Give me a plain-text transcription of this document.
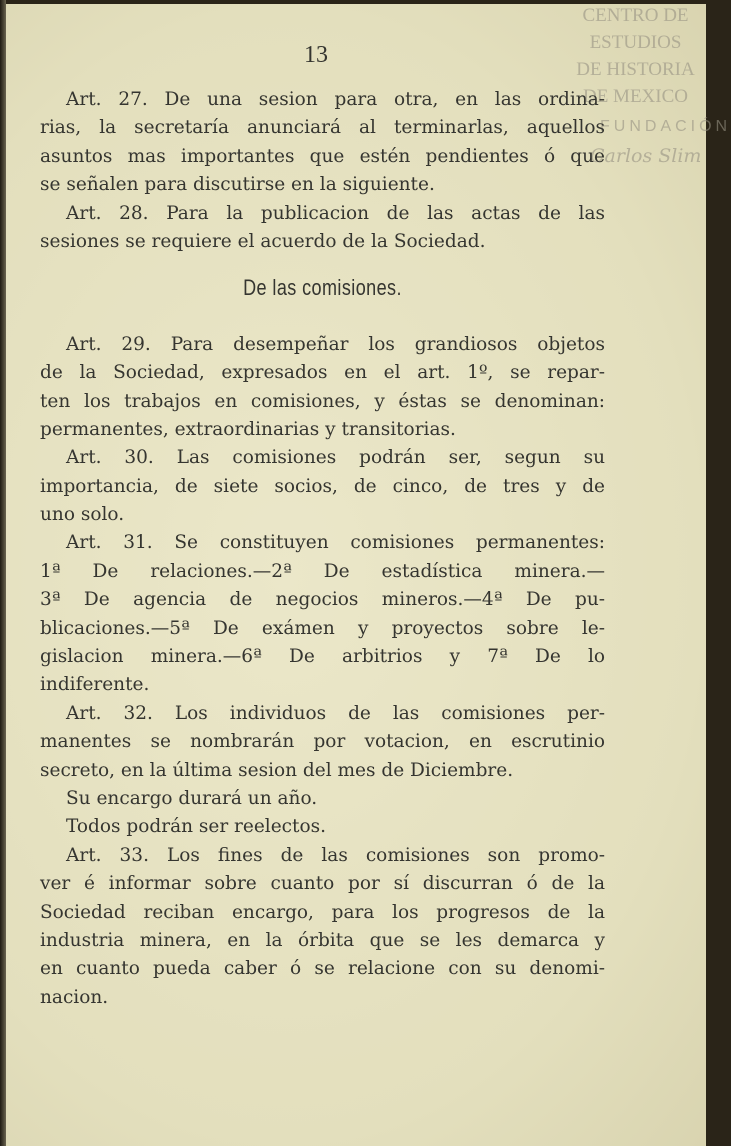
CENTRO DE
ESTUDIOS
DE HISTORIA
DE MEXICO
FUNDACIÓN
Carlos Slim
13
Art. 27. De una sesion para otra, en las ordina-
rias, la secretaría anunciará al terminarlas, aquellos
asuntos mas importantes que estén pendientes ó que
se señalen para discutirse en la siguiente.
Art. 28. Para la publicacion de las actas de las
sesiones se requiere el acuerdo de la Sociedad.
De las comisiones.
Art. 29. Para desempeñar los grandiosos objetos
de la Sociedad, expresados en el art. 1º, se repar-
ten los trabajos en comisiones, y éstas se denominan:
permanentes, extraordinarias y transitorias.
Art. 30. Las comisiones podrán ser, segun su
importancia, de siete socios, de cinco, de tres y de
uno solo.
Art. 31. Se constituyen comisiones permanentes:
1ª De relaciones.—2ª De estadística minera.—
3ª De agencia de negocios mineros.—4ª De pu-
blicaciones.—5ª De exámen y proyectos sobre le-
gislacion minera.—6ª De arbitrios y 7ª De lo
indiferente.
Art. 32. Los individuos de las comisiones per-
manentes se nombrarán por votacion, en escrutinio
secreto, en la última sesion del mes de Diciembre.
Su encargo durará un año.
Todos podrán ser reelectos.
Art. 33. Los fines de las comisiones son promo-
ver é informar sobre cuanto por sí discurran ó de la
Sociedad reciban encargo, para los progresos de la
industria minera, en la órbita que se les demarca y
en cuanto pueda caber ó se relacione con su denomi-
nacion.
